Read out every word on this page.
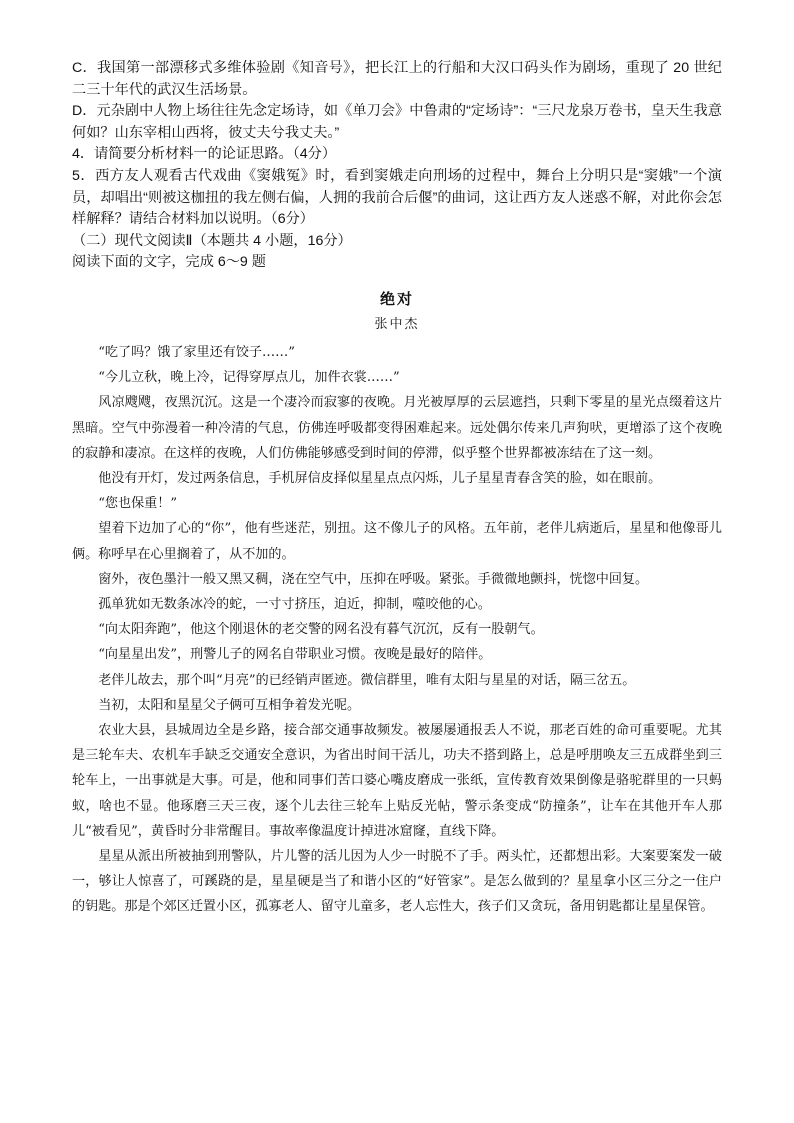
C．我国第一部漂移式多维体验剧《知音号》，把长江上的行船和大汉口码头作为剧场，重现了 20 世纪二三十年代的武汉生活场景。

D．元杂剧中人物上场往往先念定场诗，如《单刀会》中鲁肃的“定场诗”：“三尺龙泉万卷书，皇天生我意何如？山东宰相山西将，彼丈夫兮我丈夫。”

4．请简要分析材料一的论证思路。（4分）

5．西方友人观看古代戏曲《窦娥冤》时，看到窦娥走向刑场的过程中，舞台上分明只是“窦娥”一个演员，却唱出“则被这枷扭的我左侧右偏，人拥的我前合后偃”的曲词，这让西方友人迷惑不解，对此你会怎样解释？请结合材料加以说明。（6分）

（二）现代文阅读Ⅱ（本题共 4 小题，16分）

阅读下面的文字，完成 6～9 题

绝对

张中杰

“吃了吗？饿了家里还有饺子……”

“今儿立秋，晚上冷，记得穿厚点儿，加件衣裳……”

风凉飕飕，夜黑沉沉。这是一个凄冷而寂寥的夜晚。月光被厚厚的云层遮挡，只剩下零星的星光点缀着这片黑暗。空气中弥漫着一种冷清的气息，仿佛连呼吸都变得困难起来。远处偶尔传来几声狗吠，更增添了这个夜晚的寂静和凄凉。在这样的夜晚，人们仿佛能够感受到时间的停滞，似乎整个世界都被冻结在了这一刻。

他没有开灯，发过两条信息，手机屏信皮择似星星点点闪烁，儿子星星青春含笑的脸，如在眼前。

“您也保重！”

望着下边加了心的“你”，他有些迷茫，别扭。这不像儿子的风格。五年前，老伴儿病逝后，星星和他像哥儿俩。称呼早在心里搁着了，从不加的。

窗外，夜色墨汁一般又黑又稠，浇在空气中，压抑在呼吸。紧张。手微微地颤抖，恍惚中回复。

孤单犹如无数条冰冷的蛇，一寸寸挤压，迫近，抑制，噬咬他的心。

“向太阳奔跑”，他这个刚退休的老交警的网名没有暮气沉沉，反有一股朝气。

“向星星出发”，刑警儿子的网名自带职业习惯。夜晚是最好的陪伴。

老伴儿故去，那个叫“月亮”的已经销声匿迹。微信群里，唯有太阳与星星的对话，隔三岔五。

当初，太阳和星星父子俩可互相争着发光呢。

农业大县，县城周边全是乡路，接合部交通事故频发。被屡屡通报丢人不说，那老百姓的命可重要呢。尤其是三轮车夫、农机车手缺乏交通安全意识，为省出时间干活儿，功夫不搭到路上，总是呼朋唤友三五成群坐到三轮车上，一出事就是大事。可是，他和同事们苦口婆心嘴皮磨成一张纸，宣传教育效果倒像是骆驼群里的一只蚂蚁，啥也不显。他琢磨三天三夜，逐个儿去往三轮车上贴反光帖，警示条变成“防撞条”，让车在其他开车人那儿“被看见”，黄昏时分非常醒目。事故率像温度计掉进冰窟窿，直线下降。

星星从派出所被抽到刑警队，片儿警的活儿因为人少一时脱不了手。两头忙，还都想出彩。大案要案发一破一，够让人惊喜了，可蹊跷的是，星星硬是当了和谐小区的“好管家”。是怎么做到的？星星拿小区三分之一住户的钥匙。那是个郊区迁置小区，孤寡老人、留守儿童多，老人忘性大，孩子们又贪玩，备用钥匙都让星星保管。
